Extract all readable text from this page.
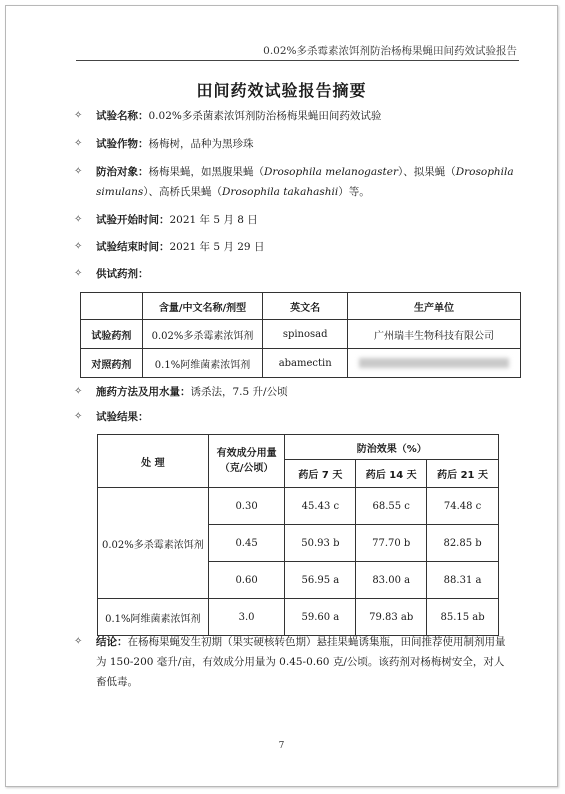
0.02%多杀霉素浓饵剂防治杨梅果蝇田间药效试验报告
田间药效试验报告摘要
✧ 试验名称：0.02%多杀菌素浓饵剂防治杨梅果蝇田间药效试验
✧ 试验作物：杨梅树，品种为黑珍珠
✧ 防治对象：杨梅果蝇，如黑腹果蝇（Drosophila melanogaster）、拟果蝇（Drosophila simulans）、高桥氏果蝇（Drosophila takahashii）等。
✧ 试验开始时间：2021 年 5 月 8 日
✧ 试验结束时间：2021 年 5 月 29 日
✧ 供试药剂：
	含量/中文名称/剂型	英文名	生产单位
试验药剂	0.02%多杀霉素浓饵剂	spinosad	广州瑞丰生物科技有限公司
对照药剂	0.1%阿维菌素浓饵剂	abamectin	
✧ 施药方法及用水量：诱杀法，7.5 升/公顷
✧ 试验结果：
处 理	有效成分用量（克/公顷）	防治效果（%）		
		药后 7 天	药后 14 天	药后 21 天
0.02%多杀霉素浓饵剂	0.30	45.43 c	68.55 c	74.48 c
	0.45	50.93 b	77.70 b	82.85 b
	0.60	56.95 a	83.00 a	88.31 a
0.1%阿维菌素浓饵剂	3.0	59.60 a	79.83 ab	85.15 ab
✧ 结论：在杨梅果蝇发生初期（果实硬核转色期）悬挂果蝇诱集瓶，田间推荐使用制剂用量为 150-200 毫升/亩，有效成分用量为 0.45-0.60 克/公顷。该药剂对杨梅树安全，对人畜低毒。
7
